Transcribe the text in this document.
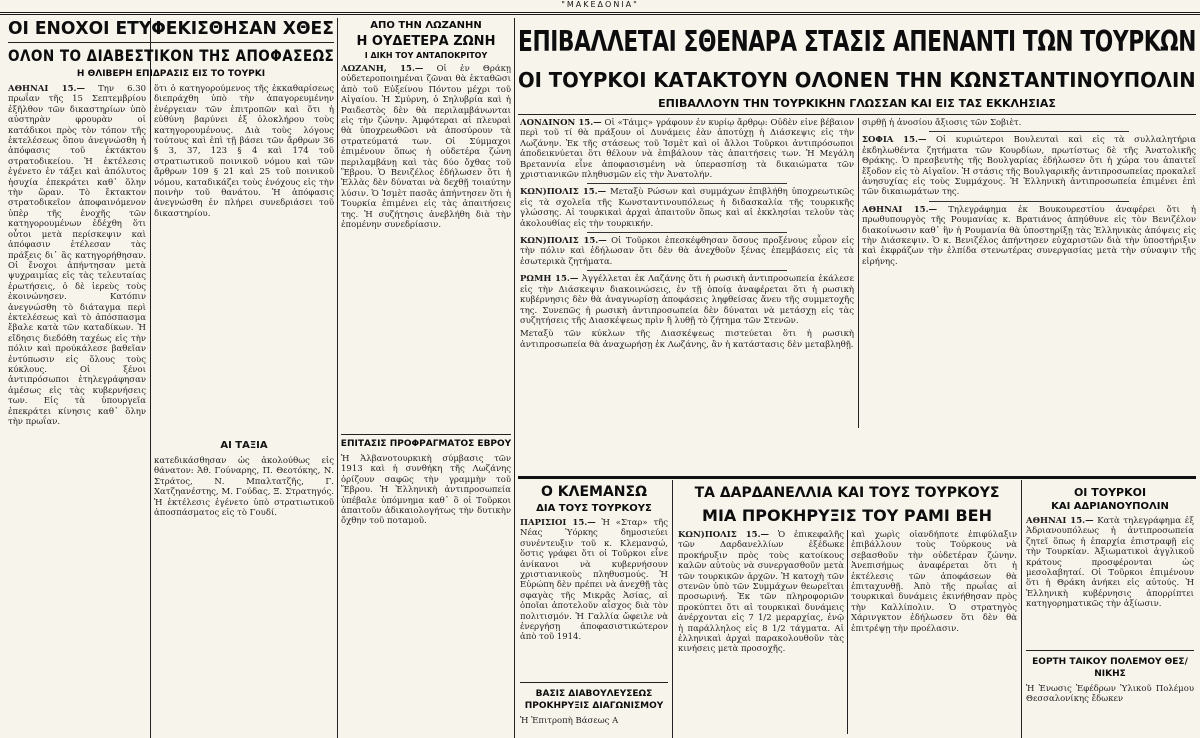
"ΜΑΚΕΔΟΝΙΑ"
ΟΙ ΕΝΟΧΟΙ ΕΤΥΦΕΚΙΣΘΗΣΑΝ ΧΘΕΣ
ΟΛΟΝ ΤΟ ΔΙΑΒΕΣΤΙΚΟΝ ΤΗΣ ΑΠΟΦΑΣΕΩΣ
Η ΘΛΙΒΕΡΗ ΕΠΙΔΡΑΣΙΣ ΕΙΣ ΤΟ ΤΟΥΡΚΙ
ΑΘΗΝΑΙ 15.— Την 6.30 πρωΐαν τῆς 15 Σεπτεμβρίου ἐξῆλθον τῶν δικαστηρίων ὑπὸ αὐστηρὰν φρουρὰν οἱ κατάδικοι πρὸς τὸν τόπον τῆς ἐκτελέσεως ὅπου ἀνεγνώσθη ἡ ἀπόφασις τοῦ ἐκτάκτου στρατοδικείου. Ἡ ἐκτέλεσις ἐγένετο ἐν τάξει καὶ ἀπόλυτος ἡσυχία ἐπεκράτει καθ᾽ ὅλην τὴν ὥραν. Τὸ ἔκτακτον στρατοδικεῖον ἀποφαινόμενον ὑπὲρ τῆς ἐνοχῆς τῶν κατηγορουμένων ἐδέχθη ὅτι οὗτοι μετὰ περίσκεψιν καὶ ἀπόφασιν ἐτέλεσαν τὰς πράξεις δι᾽ ἃς κατηγορήθησαν. Οἱ ἔνοχοι ἀπήντησαν μετὰ ψυχραιμίας εἰς τὰς τελευταίας ἐρωτήσεις, ὁ δὲ ἱερεὺς τοὺς ἐκοινώνησεν. Κατόπιν ἀνεγνώσθη τὸ διάταγμα περὶ ἐκτελέσεως καὶ τὸ ἀπόσπασμα ἔβαλε κατὰ τῶν καταδίκων. Ἡ εἴδησις διεδόθη ταχέως εἰς τὴν πόλιν καὶ προύκάλεσε βαθεῖαν ἐντύπωσιν εἰς ὅλους τοὺς κύκλους. Οἱ ξένοι ἀντιπρόσωποι ἐτηλεγράφησαν ἀμέσως εἰς τὰς κυβερνήσεις των. Εἰς τὰ ὑπουργεῖα ἐπεκράτει κίνησις καθ᾽ ὅλην τὴν πρωΐαν.
ὅτι ὁ κατηγορούμενος τῆς ἐκκαθαρίσεως διεπράχθη ὑπὸ τὴν ἀπαγορευμένην ἐνέργειαν τῶν ἐπιτροπῶν καὶ ὅτι ἡ εὐθύνη βαρύνει ἐξ ὁλοκλήρου τοὺς κατηγορουμένους. Διὰ τοὺς λόγους τούτους καὶ ἐπὶ τῇ βάσει τῶν ἄρθρων 36 § 3, 37, 123 § 4 καὶ 174 τοῦ στρατιωτικοῦ ποινικοῦ νόμου καὶ τῶν ἄρθρων 109 § 21 καὶ 25 τοῦ ποινικοῦ νόμου, καταδικάζει τοὺς ἐνόχους εἰς τὴν ποινὴν τοῦ θανάτου. Ἡ ἀπόφασις ἀνεγνώσθη ἐν πλήρει συνεδριάσει τοῦ δικαστηρίου.
ΑΙ ΤΑΞΙΑ
κατεδικάσθησαν ὡς ἀκολούθως εἰς θάνατον: Ἀθ. Γούναρης, Π. Θεοτόκης, Ν. Στράτος, Ν. Μπαλτατζῆς, Γ. Χατζηανέστης, Μ. Γούδας, Ξ. Στρατηγός. Ἡ ἐκτέλεσις ἐγένετο ὑπὸ στρατιωτικοῦ ἀποσπάσματος εἰς τὸ Γουδί.
ΑΠΟ ΤΗΝ ΛΩΖΑΝΗΝ
Η ΟΥΔΕΤΕΡΑ ΖΩΝΗ
Ι ΔΙΚΗ ΤΟΥ ΑΝΤΑΠΟΚΡΙΤΟΥ
ΛΩΖΑΝΗ, 15.— Οἱ ἐν Θράκῃ οὐδετεροποιημέναι ζῶναι θὰ ἐκταθῶσι ἀπὸ τοῦ Εὐξείνου Πόντου μέχρι τοῦ Αἰγαίου. Ἡ Σμύρνη, ὁ Σηλυβρία καὶ ἡ Ραιδεστὸς δὲν θὰ περιλαμβάνωνται εἰς τὴν ζώνην. Ἀμφότεραι αἱ πλευραὶ θὰ ὑποχρεωθῶσι νὰ ἀποσύρουν τὰ στρατεύματά των. Οἱ Σύμμαχοι ἐπιμένουν ὅπως ἡ οὐδετέρα ζώνη περιλαμβάνῃ καὶ τὰς δύο ὄχθας τοῦ Ἕβρου. Ὁ Βενιζέλος ἐδήλωσεν ὅτι ἡ Ἑλλὰς δὲν δύναται νὰ δεχθῇ τοιαύτην λύσιν. Ὁ Ἰσμὲτ πασᾶς ἀπήντησεν ὅτι ἡ Τουρκία ἐπιμένει εἰς τὰς ἀπαιτήσεις της. Ἡ συζήτησις ἀνεβλήθη διὰ τὴν ἐπομένην συνεδρίασιν.
ΕΠΙΤΑΣΙΣ ΠΡΟΦΡΑΓΜΑΤΟΣ ΕΒΡΟΥ
Ἡ Ἀλβανοτουρκικὴ σύμβασις τῶν 1913 καὶ ἡ συνθήκη τῆς Λωζάνης ὁρίζουν σαφῶς τὴν γραμμὴν τοῦ Ἕβρου. Ἡ Ἑλληνικὴ ἀντιπροσωπεία ὑπέβαλε ὑπόμνημα καθ᾽ ὃ οἱ Τοῦρκοι ἀπαιτοῦν ἀδικαιολογήτως τὴν δυτικὴν ὄχθην τοῦ ποταμοῦ.
ΕΠΙΒΑΛΛΕΤΑΙ ΣΘΕΝΑΡΑ ΣΤΑΣΙΣ ΑΠΕΝΑΝΤΙ ΤΩΝ ΤΟΥΡΚΩΝ
ΟΙ ΤΟΥΡΚΟΙ ΚΑΤΑΚΤΟΥΝ ΟΛΟΝΕΝ ΤΗΝ ΚΩΝΣΤΑΝΤΙΝΟΥΠΟΛΙΝ
ΕΠΙΒΑΛΛΟΥΝ ΤΗΝ ΤΟΥΡΚΙΚΗΝ ΓΛΩΣΣΑΝ ΚΑΙ ΕΙΣ ΤΑΣ ΕΚΚΛΗΣΙΑΣ
ΛΟΝΔΙΝΟΝ 15.— Οἱ «Τάιμς» γράφουν ἐν κυρίῳ ἄρθρῳ: Οὐδὲν εἶνε βέβαιον περὶ τοῦ τί θὰ πράξουν οἱ Δυνάμεις ἐὰν ἀποτύχῃ ἡ Διάσκεψις εἰς τὴν Λωζάνην. Ἐκ τῆς στάσεως τοῦ Ἰσμὲτ καὶ οἱ ἄλλοι Τοῦρκοι ἀντιπρόσωποι ἀποδεικνύεται ὅτι θέλουν νὰ ἐπιβάλουν τὰς ἀπαιτήσεις των. Ἡ Μεγάλη Βρεταννία εἶνε ἀποφασισμένη νὰ ὑπερασπίσῃ τὰ δικαιώματα τῶν χριστιανικῶν πληθυσμῶν εἰς τὴν Ἀνατολήν.
ΚΩΝ)ΠΟΛΙΣ 15.— Μεταξὺ Ρώσων καὶ συμμάχων ἐπιβλήθη ὑποχρεωτικῶς εἰς τὰ σχολεῖα τῆς Κωνσταντινουπόλεως ἡ διδασκαλία τῆς τουρκικῆς γλώσσης. Αἱ τουρκικαὶ ἀρχαὶ ἀπαιτοῦν ὅπως καὶ αἱ ἐκκλησίαι τελοῦν τὰς ἀκολουθίας εἰς τὴν τουρκικήν.
ΚΩΝ)ΠΟΛΙΣ 15.— Οἱ Τοῦρκοι ἐπεσκέφθησαν ὅσους προξένους εὗρον εἰς τὴν πόλιν καὶ ἐδήλωσαν ὅτι δὲν θὰ ἀνεχθοῦν ξένας ἐπεμβάσεις εἰς τὰ ἐσωτερικὰ ζητήματα.
ΡΩΜΗ 15.— Ἀγγέλλεται ἐκ Λαζάνης ὅτι ἡ ρωσικὴ ἀντιπροσωπεία ἐκάλεσε εἰς τὴν Διάσκεψιν διακοινώσεις, ἐν τῇ ὁποίᾳ ἀναφέρεται ὅτι ἡ ρωσικὴ κυβέρνησις δὲν θὰ ἀναγνωρίσῃ ἀποφάσεις ληφθείσας ἄνευ τῆς συμμετοχῆς της. Συνεπῶς ἡ ρωσικὴ ἀντιπροσωπεία δὲν δύναται νὰ μετάσχῃ εἰς τὰς συζητήσεις τῆς Διασκέψεως πρὶν ἢ λυθῇ τὸ ζήτημα τῶν Στενῶν.
Μεταξὺ τῶν κύκλων τῆς Διασκέψεως πιστεύεται ὅτι ἡ ρωσικὴ ἀντιπροσωπεία θὰ ἀναχωρήσῃ ἐκ Λωζάνης, ἂν ἡ κατάστασις δὲν μεταβληθῇ.
σιρθῇ ἡ ἀνοσίου ἄξιοσις τῶν Σοβιὲτ.
ΣΟΦΙΑ 15.— Οἱ κυριώτεροι Βουλευταὶ καὶ εἰς τὰ συλλαλητήρια ἐκδηλωθέντα ζητήματα τῶν Κουρδίων, πρωτίστως δὲ τῆς Ἀνατολικῆς Θράκης. Ὁ πρεσβευτὴς τῆς Βουλγαρίας ἐδήλωσεν ὅτι ἡ χώρα του ἀπαιτεῖ ἔξοδον εἰς τὸ Αἰγαῖον. Ἡ στάσις τῆς Βουλγαρικῆς ἀντιπροσωπείας προκαλεῖ ἀνησυχίας εἰς τοὺς Συμμάχους. Ἡ Ἑλληνικὴ ἀντιπροσωπεία ἐπιμένει ἐπὶ τῶν δικαιωμάτων της.
ΑΘΗΝΑΙ 15.— Τηλεγράφημα ἐκ Βουκουρεστίου ἀναφέρει ὅτι ἡ πρωθυπουργὸς τῆς Ρουμανίας κ. Βρατιάνος ἀπηύθυνε εἰς τὸν Βενιζέλον διακοίνωσιν καθ᾽ ἣν ἡ Ρουμανία θὰ ὑποστηρίξῃ τὰς Ἑλληνικὰς ἀπόψεις εἰς τὴν Διάσκεψιν. Ὁ κ. Βενιζέλος ἀπήντησεν εὐχαριστῶν διὰ τὴν ὑποστήριξιν καὶ ἐκφράζων τὴν ἐλπίδα στενωτέρας συνεργασίας μετὰ τὴν σύναψιν τῆς εἰρήνης.
Ο ΚΛΕΜΑΝΣΩ
ΔΙΑ ΤΟΥΣ ΤΟΥΡΚΟΥΣ
ΠΑΡΙΣΙΟΙ 15.— Ἡ «Σταρ» τῆς Νέας Ὑόρκης δημοσιεύει συνέντευξιν τοῦ κ. Κλεμανσώ, ὅστις γράφει ὅτι οἱ Τοῦρκοι εἶνε ἀνίκανοι νὰ κυβερνήσουν χριστιανικοὺς πληθυσμούς. Ἡ Εὐρώπη δὲν πρέπει νὰ ἀνεχθῇ τὰς σφαγὰς τῆς Μικρᾶς Ἀσίας, αἱ ὁποῖαι ἀποτελοῦν αἶσχος διὰ τὸν πολιτισμόν. Ἡ Γαλλία ὤφειλε νὰ ἐνεργήσῃ ἀποφασιστικώτερον ἀπὸ τοῦ 1914.
ΒΑΣΙΣ ΔΙΑΒΟΥΛΕΥΣΕΩΣ
ΠΡΟΚΗΡΥΞΙΣ ΔΙΑΓΩΝΙΣΜΟΥ
Ἡ Ἐπιτροπὴ Βάσεως Α
ΤΑ ΔΑΡΔΑΝΕΛΛΙΑ ΚΑΙ ΤΟΥΣ ΤΟΥΡΚΟΥΣ
ΜΙΑ ΠΡΟΚΗΡΥΞΙΣ ΤΟΥ ΡΑΜΙ ΒΕΗ
ΚΩΝ)ΠΟΛΙΣ 15.— Ὁ ἐπικεφαλῆς τῶν Δαρδανελλίων ἐξέδωκε προκήρυξιν πρὸς τοὺς κατοίκους καλῶν αὐτοὺς νὰ συνεργασθοῦν μετὰ τῶν τουρκικῶν ἀρχῶν. Ἡ κατοχὴ τῶν στενῶν ὑπὸ τῶν Συμμάχων θεωρεῖται προσωρινή. Ἐκ τῶν πληροφοριῶν προκύπτει ὅτι αἱ τουρκικαὶ δυνάμεις ἀνέρχονται εἰς 7 1/2 μεραρχίας, ἐνῷ ἡ παράλληλος εἰς 8 1/2 τάγματα. Αἱ ἐλληνικαὶ ἀρχαὶ παρακολουθοῦν τὰς κινήσεις μετὰ προσοχῆς.
καὶ χωρὶς οἰανδήποτε ἐπιφύλαξιν ἐπιβάλλουν τοὺς Τούρκους νὰ σεβασθοῦν τὴν οὐδετέραν ζώνην. Ἀνεπισήμως ἀναφέρεται ὅτι ἡ ἐκτέλεσις τῶν ἀποφάσεων θὰ ἐπιταχυνθῇ. Ἀπὸ τῆς πρωΐας αἱ τουρκικαὶ δυνάμεις ἐκινήθησαν πρὸς τὴν Καλλίπολιν. Ὁ στρατηγὸς Χάρινγκτον ἐδήλωσεν ὅτι δὲν θὰ ἐπιτρέψῃ τὴν προέλασιν.
ΟΙ ΤΟΥΡΚΟΙ
ΚΑΙ ΑΔΡΙΑΝΟΥΠΟΛΙΝ
ΑΘΗΝΑΙ 15.— Κατὰ τηλεγράφημα ἐξ Ἀδριανουπόλεως ἡ ἀντιπροσωπεία ζητεῖ ὅπως ἡ ἐπαρχία ἐπιστραφῇ εἰς τὴν Τουρκίαν. Ἀξιωματικοὶ ἀγγλικοῦ κράτους προσφέρονται ὡς μεσολαβηταί. Οἱ Τοῦρκοι ἐπιμένουν ὅτι ἡ Θράκη ἀνήκει εἰς αὐτούς. Ἡ Ἑλληνικὴ κυβέρνησις ἀπορρίπτει κατηγορηματικῶς τὴν ἀξίωσιν.
ΕΟΡΤΗ ΤΑΙΚΟΥ ΠΟΛΕΜΟΥ ΘΕΣ/ΝΙΚΗΣ
Ἡ Ἑνωσις Ἐφέδρων Ὑλικοῦ Πολέμου Θεσσαλονίκης ἔδωκεν
